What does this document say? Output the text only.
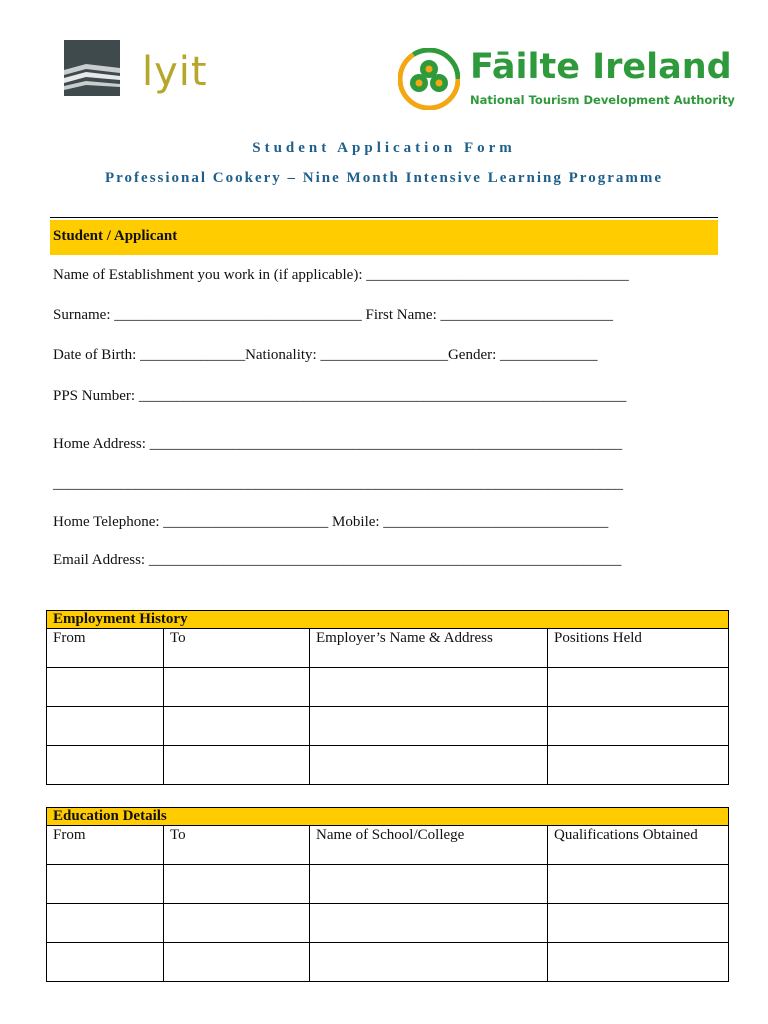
lyit	Fāilte Ireland
National Tourism Development Authority
Student Application Form
Professional Cookery – Nine Month Intensive Learning Programme
Student / Applicant
Name of Establishment you work in (if applicable): ___________________________________
Surname: _________________________________ First Name: _______________________
Date of Birth: ______________Nationality: _________________Gender: _____________
PPS Number: _________________________________________________________________
Home Address: _______________________________________________________________
____________________________________________________________________________
Home Telephone: ______________________ Mobile: ______________________________
Email Address: _______________________________________________________________
Employment History			
From	To	Employer’s Name & Address	Positions Held

Education Details			
From	To	Name of School/College	Qualifications Obtained
